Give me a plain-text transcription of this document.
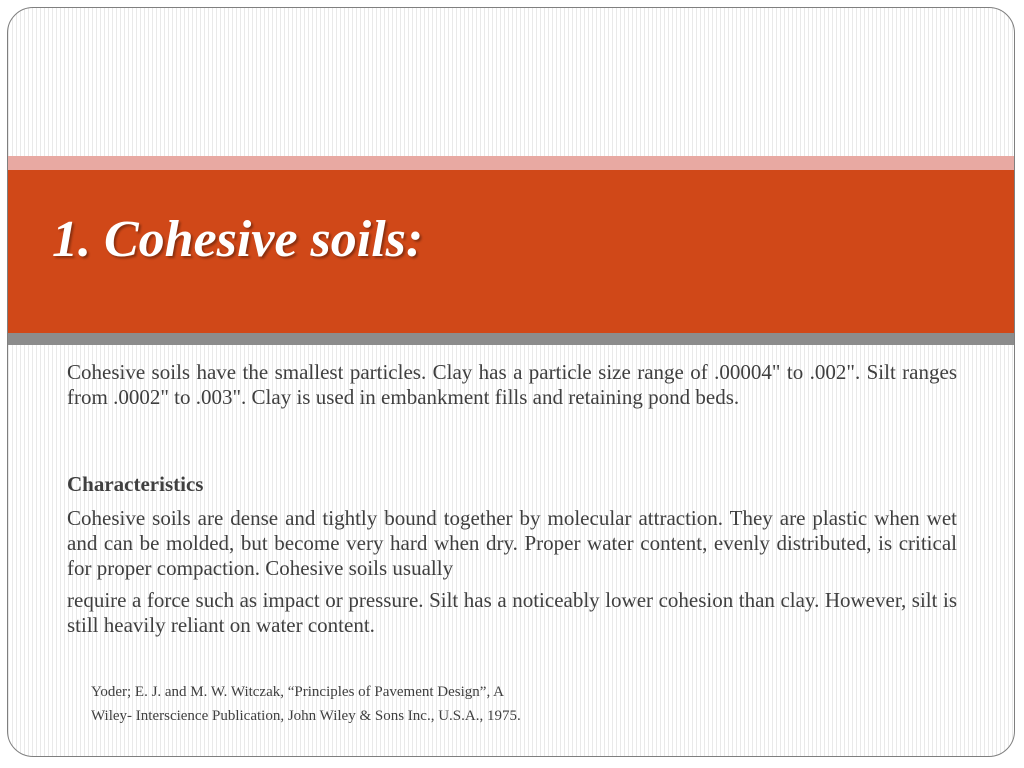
1. Cohesive soils:

Cohesive soils have the smallest particles. Clay has a particle size range of .00004" to .002". Silt ranges from .0002" to .003". Clay is used in embankment fills and retaining pond beds.

Characteristics

Cohesive soils are dense and tightly bound together by molecular attraction. They are plastic when wet and can be molded, but become very hard when dry. Proper water content, evenly distributed, is critical for proper compaction. Cohesive soils usually

require a force such as impact or pressure. Silt has a noticeably lower cohesion than clay. However, silt is still heavily reliant on water content.

Yoder; E. J. and M. W. Witczak, “Principles of Pavement Design”, A

Wiley- Interscience Publication, John Wiley & Sons Inc., U.S.A., 1975.
